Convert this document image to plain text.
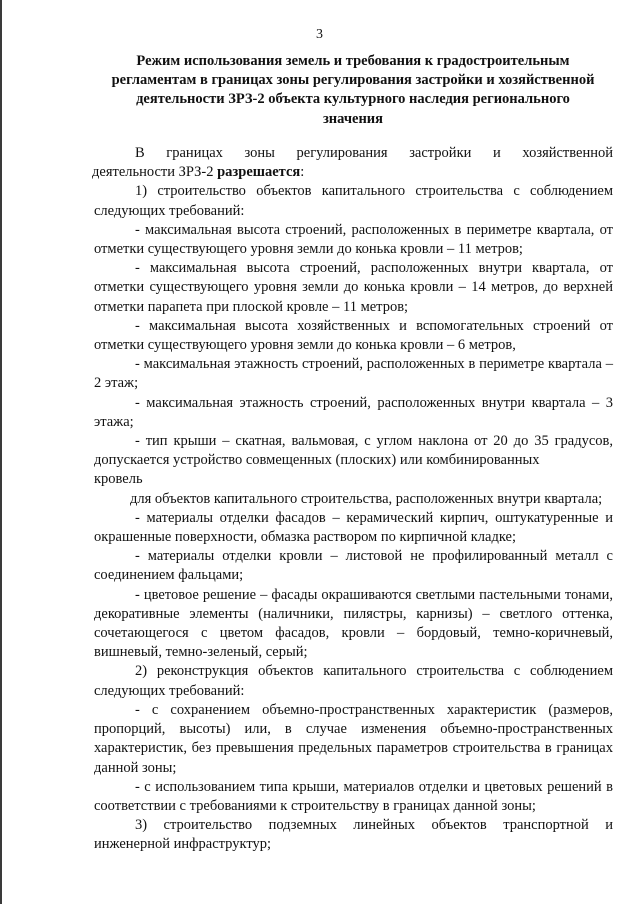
3
Режим использования земель и требования к градостроительным
регламентам в границах зоны регулирования застройки и хозяйственной
деятельности ЗРЗ-2 объекта культурного наследия регионального
значения

В границах зоны регулирования застройки и хозяйственной

деятельности ЗРЗ-2 разрешается:

1) строительство объектов капитального строительства с соблюдением следующих требований:

- максимальная высота строений, расположенных в периметре квартала, от отметки существующего уровня земли до конька кровли – 11 метров;

- максимальная высота строений, расположенных внутри квартала, от отметки существующего уровня земли до конька кровли – 14 метров, до верхней отметки парапета при плоской кровле – 11 метров;

- максимальная высота хозяйственных и вспомогательных строений от отметки существующего уровня земли до конька кровли – 6 метров,

- максимальная этажность строений, расположенных в периметре квартала – 2 этаж;

- максимальная этажность строений, расположенных внутри квартала – 3 этажа;

- тип крыши – скатная, вальмовая, с углом наклона от 20 до 35 градусов, допускается устройство совмещенных (плоских) или комбинированных

кровель

для объектов капитального строительства, расположенных внутри квартала;

- материалы отделки фасадов – керамический кирпич, оштукатуренные и окрашенные поверхности, обмазка раствором по кирпичной кладке;

- материалы отделки кровли – листовой не профилированный металл с соединением фальцами;

- цветовое решение – фасады окрашиваются светлыми пастельными тонами, декоративные элементы (наличники, пилястры, карнизы) – светлого оттенка, сочетающегося с цветом фасадов, кровли – бордовый, темно-коричневый, вишневый, темно-зеленый, серый;

2) реконструкция объектов капитального строительства с соблюдением следующих требований:

- с сохранением объемно-пространственных характеристик (размеров, пропорций, высоты) или, в случае изменения объемно-пространственных характеристик, без превышения предельных параметров строительства в границах данной зоны;

- с использованием типа крыши, материалов отделки и цветовых решений в соответствии с требованиями к строительству в границах данной зоны;

3) строительство подземных линейных объектов транспортной и инженерной инфраструктур;
